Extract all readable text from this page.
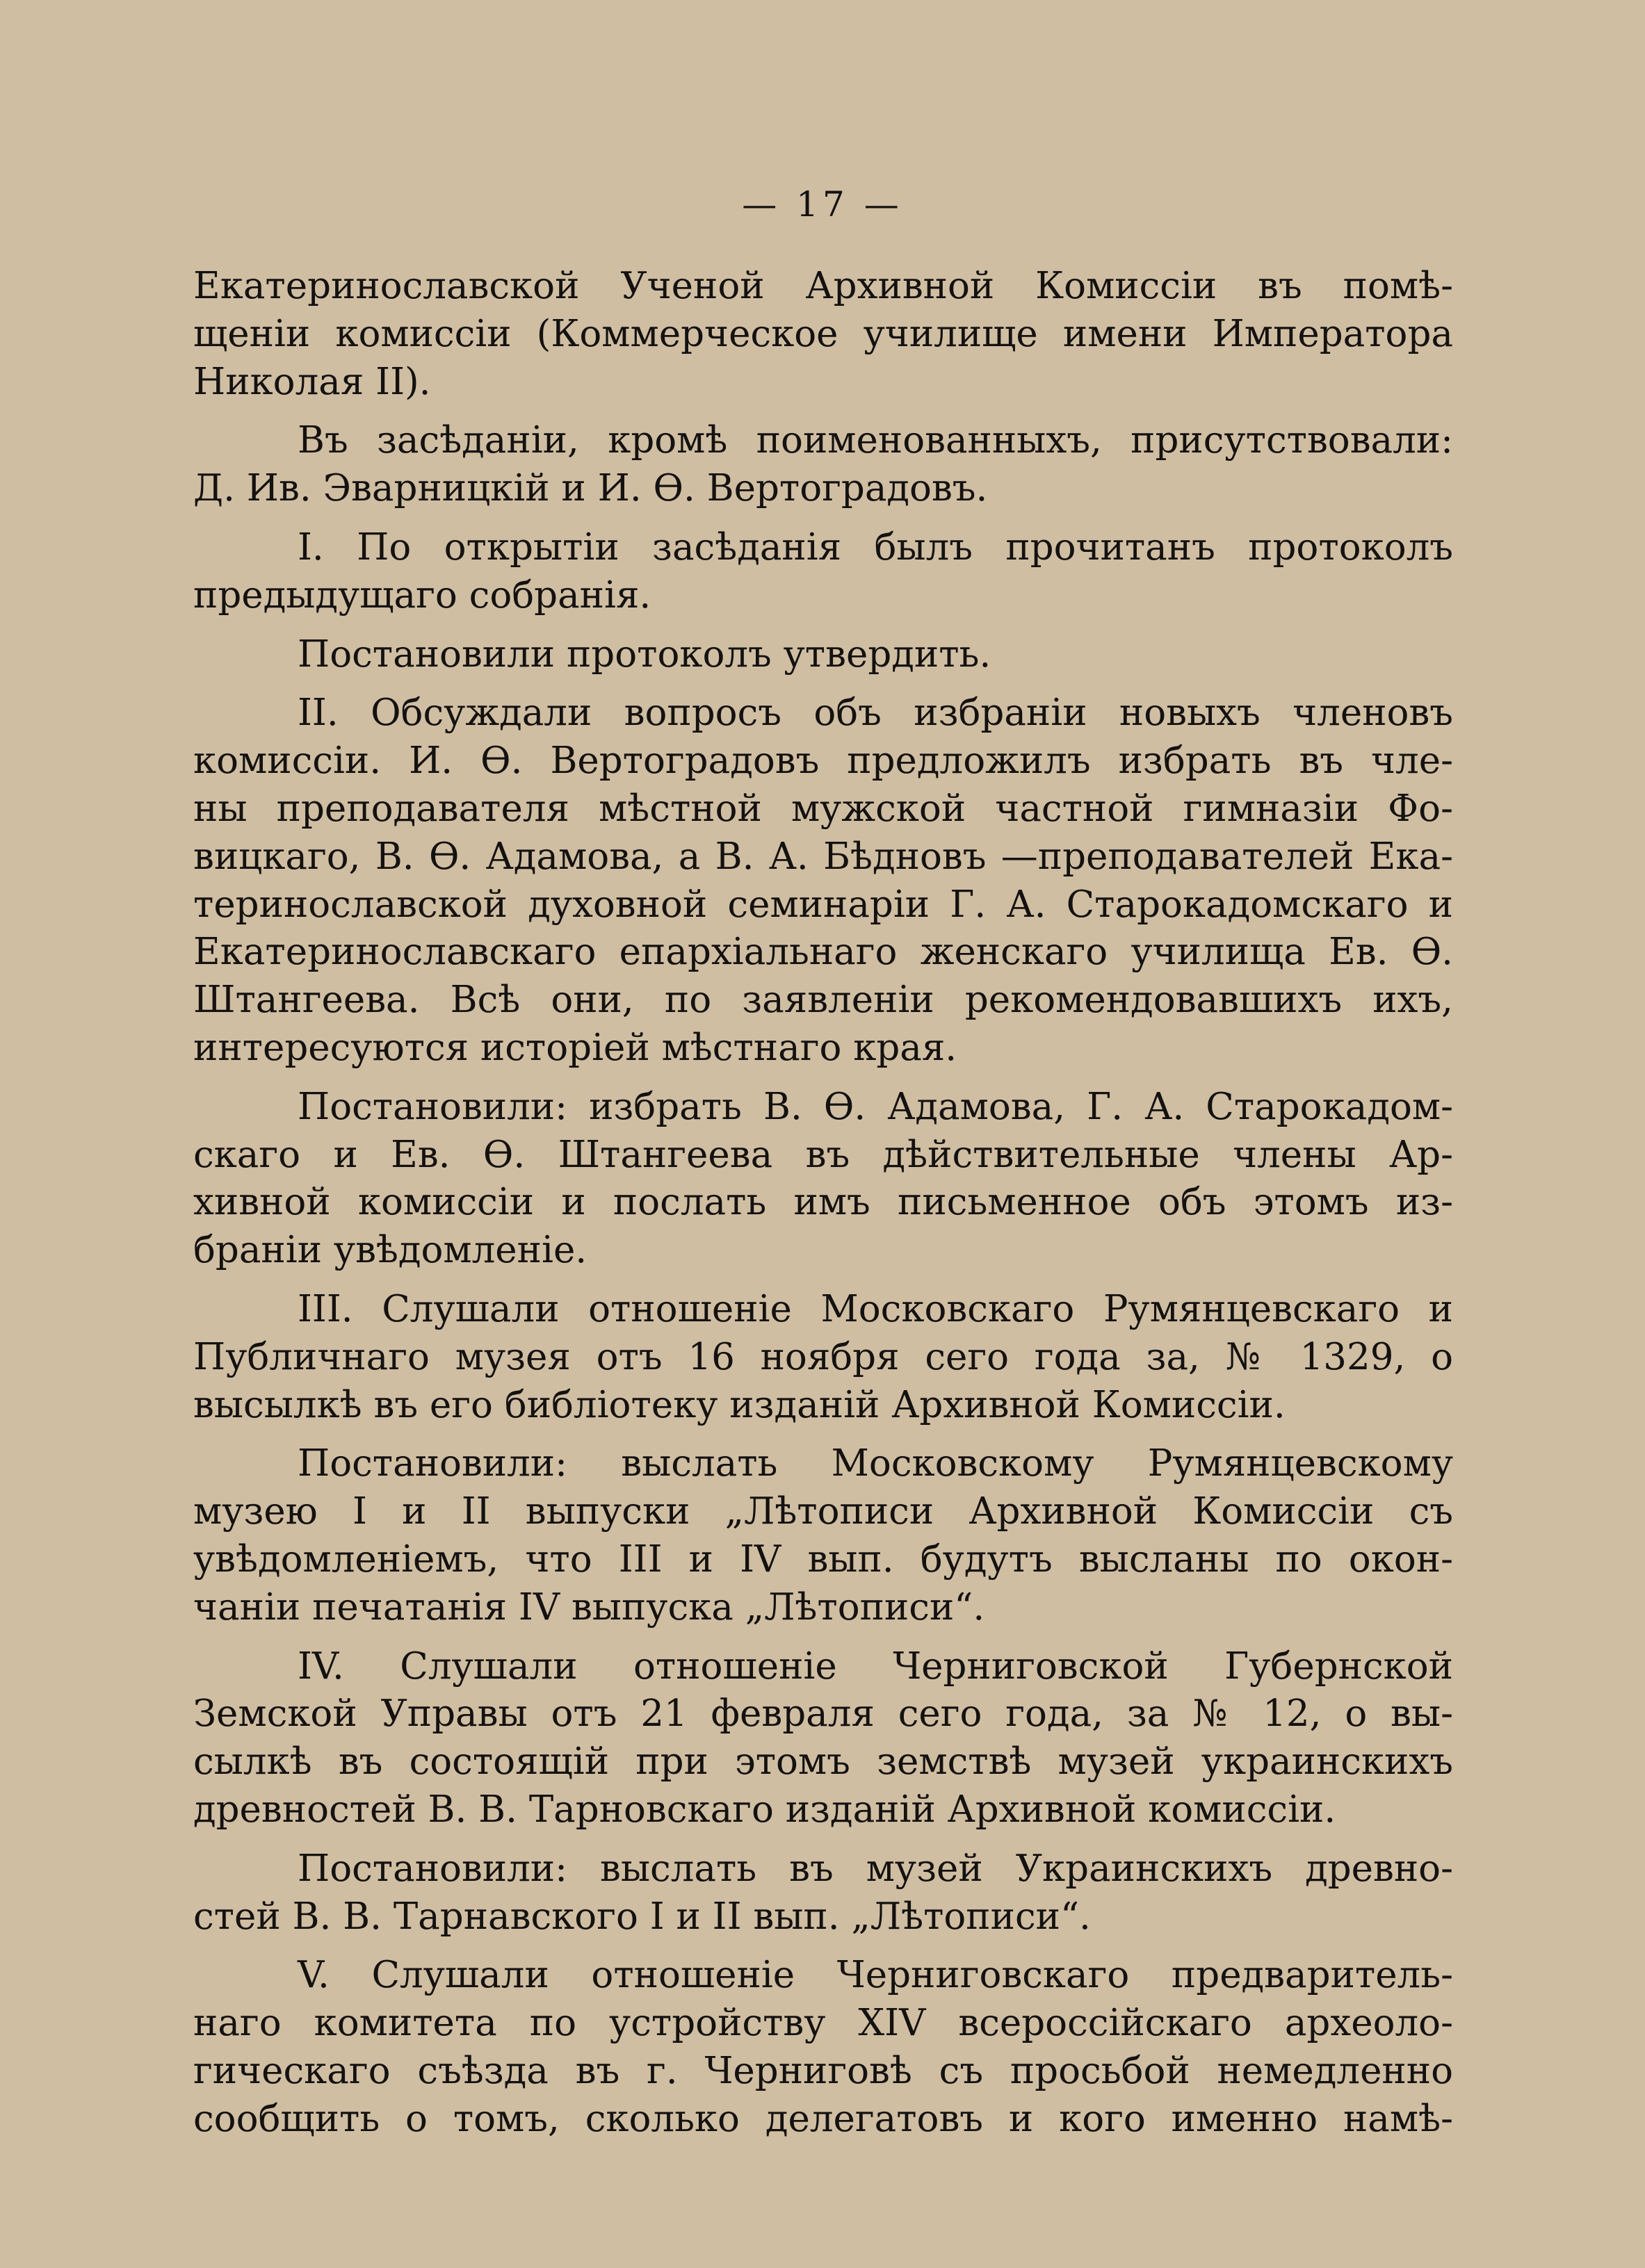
— 17 —
Екатеринославской Ученой Архивной Комиссіи въ помѣ-
щеніи комиссіи (Коммерческое училище имени Императора
Николая II).
Въ засѣданіи, кромѣ поименованныхъ, присутствовали:
Д. Ив. Эварницкій и И. Ѳ. Вертоградовъ.
I. По открытіи засѣданія былъ прочитанъ протоколъ
предыдущаго собранія.
Постановили протоколъ утвердить.
II. Обсуждали вопросъ объ избраніи новыхъ членовъ
комиссіи. И. Ѳ. Вертоградовъ предложилъ избрать въ чле-
ны преподавателя мѣстной мужской частной гимназіи Фо-
вицкаго, В. Ѳ. Адамова, а В. А. Бѣдновъ —преподавателей Ека-
теринославской духовной семинаріи Г. А. Старокадомскаго и
Екатеринославскаго епархіальнаго женскаго училища Ев. Ѳ.
Штангеева. Всѣ они, по заявленіи рекомендовавшихъ ихъ,
интересуются исторіей мѣстнаго края.
Постановили: избрать В. Ѳ. Адамова, Г. А. Старокадом-
скаго и Ев. Ѳ. Штангеева въ дѣйствительные члены Ар-
хивной комиссіи и послать имъ письменное объ этомъ из-
браніи увѣдомленіе.
III. Слушали отношеніе Московскаго Румянцевскаго и
Публичнаго музея отъ 16 ноября сего года за, № 1329, о
высылкѣ въ его библіотеку изданій Архивной Комиссіи.
Постановили: выслать Московскому Румянцевскому
музею I и II выпуски „Лѣтописи Архивной Комиссіи съ
увѣдомленіемъ, что III и IV вып. будутъ высланы по окон-
чаніи печатанія IV выпуска „Лѣтописи“.
IV. Слушали отношеніе Черниговской Губернской
Земской Управы отъ 21 февраля сего года, за № 12, о вы-
сылкѣ въ состоящій при этомъ земствѣ музей украинскихъ
древностей В. В. Тарновскаго изданій Архивной комиссіи.
Постановили: выслать въ музей Украинскихъ древно-
стей В. В. Тарнавского I и II вып. „Лѣтописи“.
V. Слушали отношеніе Черниговскаго предваритель-
наго комитета по устройству XIV всероссійскаго археоло-
гическаго съѣзда въ г. Черниговѣ съ просьбой немедленно
сообщить о томъ, сколько делегатовъ и кого именно намѣ-
